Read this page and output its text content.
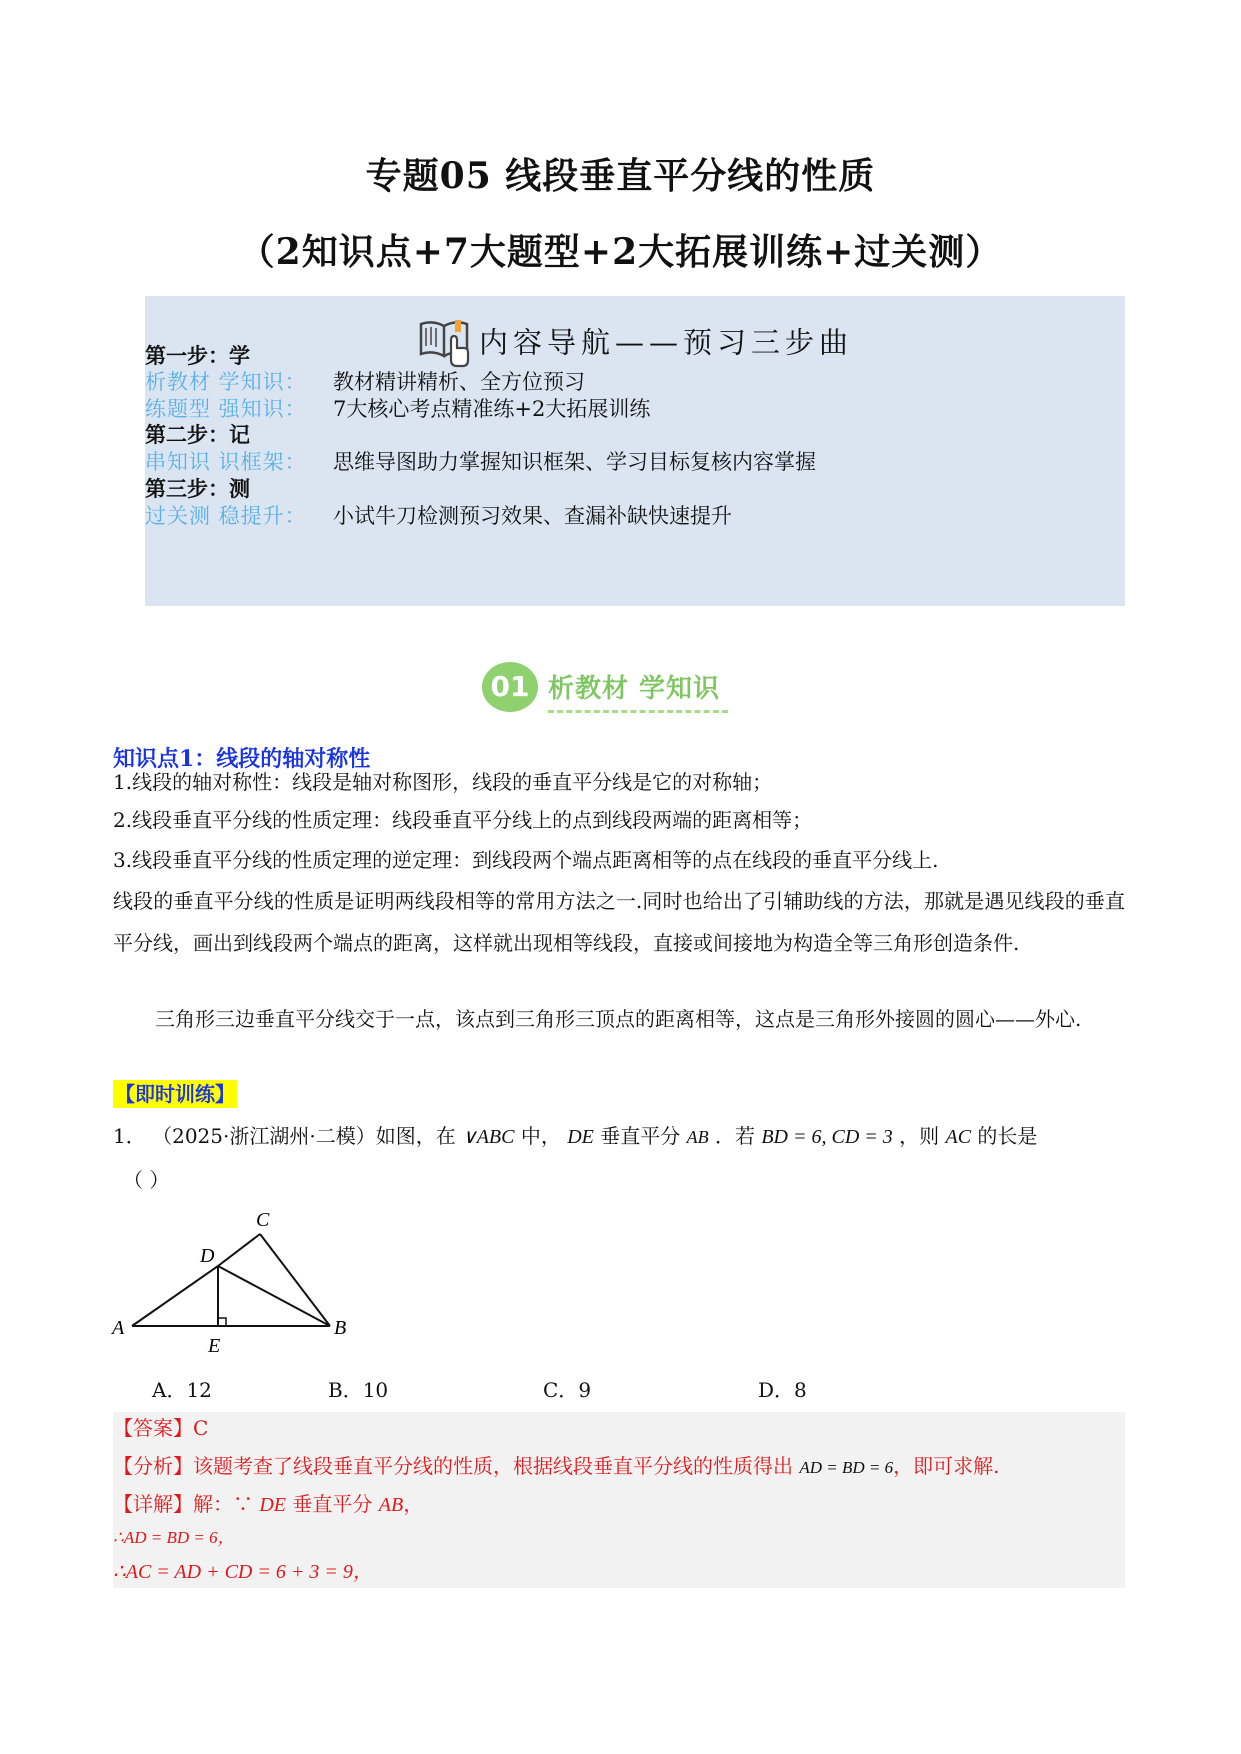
专题05 线段垂直平分线的性质
（2知识点+7大题型+2大拓展训练+过关测）
内容导航——预习三步曲
第一步：学
析教材 学知识： 教材精讲精析、全方位预习
练题型 强知识： 7大核心考点精准练+2大拓展训练
第二步：记
串知识 识框架： 思维导图助力掌握知识框架、学习目标复核内容掌握
第三步：测
过关测 稳提升： 小试牛刀检测预习效果、查漏补缺快速提升
01 析教材 学知识
知识点1：线段的轴对称性
1.线段的轴对称性：线段是轴对称图形，线段的垂直平分线是它的对称轴；
2.线段垂直平分线的性质定理：线段垂直平分线上的点到线段两端的距离相等；
3.线段垂直平分线的性质定理的逆定理：到线段两个端点距离相等的点在线段的垂直平分线上.
线段的垂直平分线的性质是证明两线段相等的常用方法之一.同时也给出了引辅助线的方法，那就是遇见线段的垂直平分线，画出到线段两个端点的距离，这样就出现相等线段，直接或间接地为构造全等三角形创造条件.
三角形三边垂直平分线交于一点，该点到三角形三顶点的距离相等，这点是三角形外接圆的圆心——外心.
【即时训练】
1． （2025·浙江湖州·二模）如图，在 ∨ABC 中， DE 垂直平分 AB ．若 BD = 6, CD = 3 ，则 AC 的长是
（ ）
A	B
C
D
E
A．12	B．10	C．9	D．8
【答案】C
【分析】该题考查了线段垂直平分线的性质，根据线段垂直平分线的性质得出 AD = BD = 6，即可求解.
【详解】解：∵ DE 垂直平分 AB，
∴AD = BD = 6，
∴AC = AD + CD = 6 + 3 = 9，
